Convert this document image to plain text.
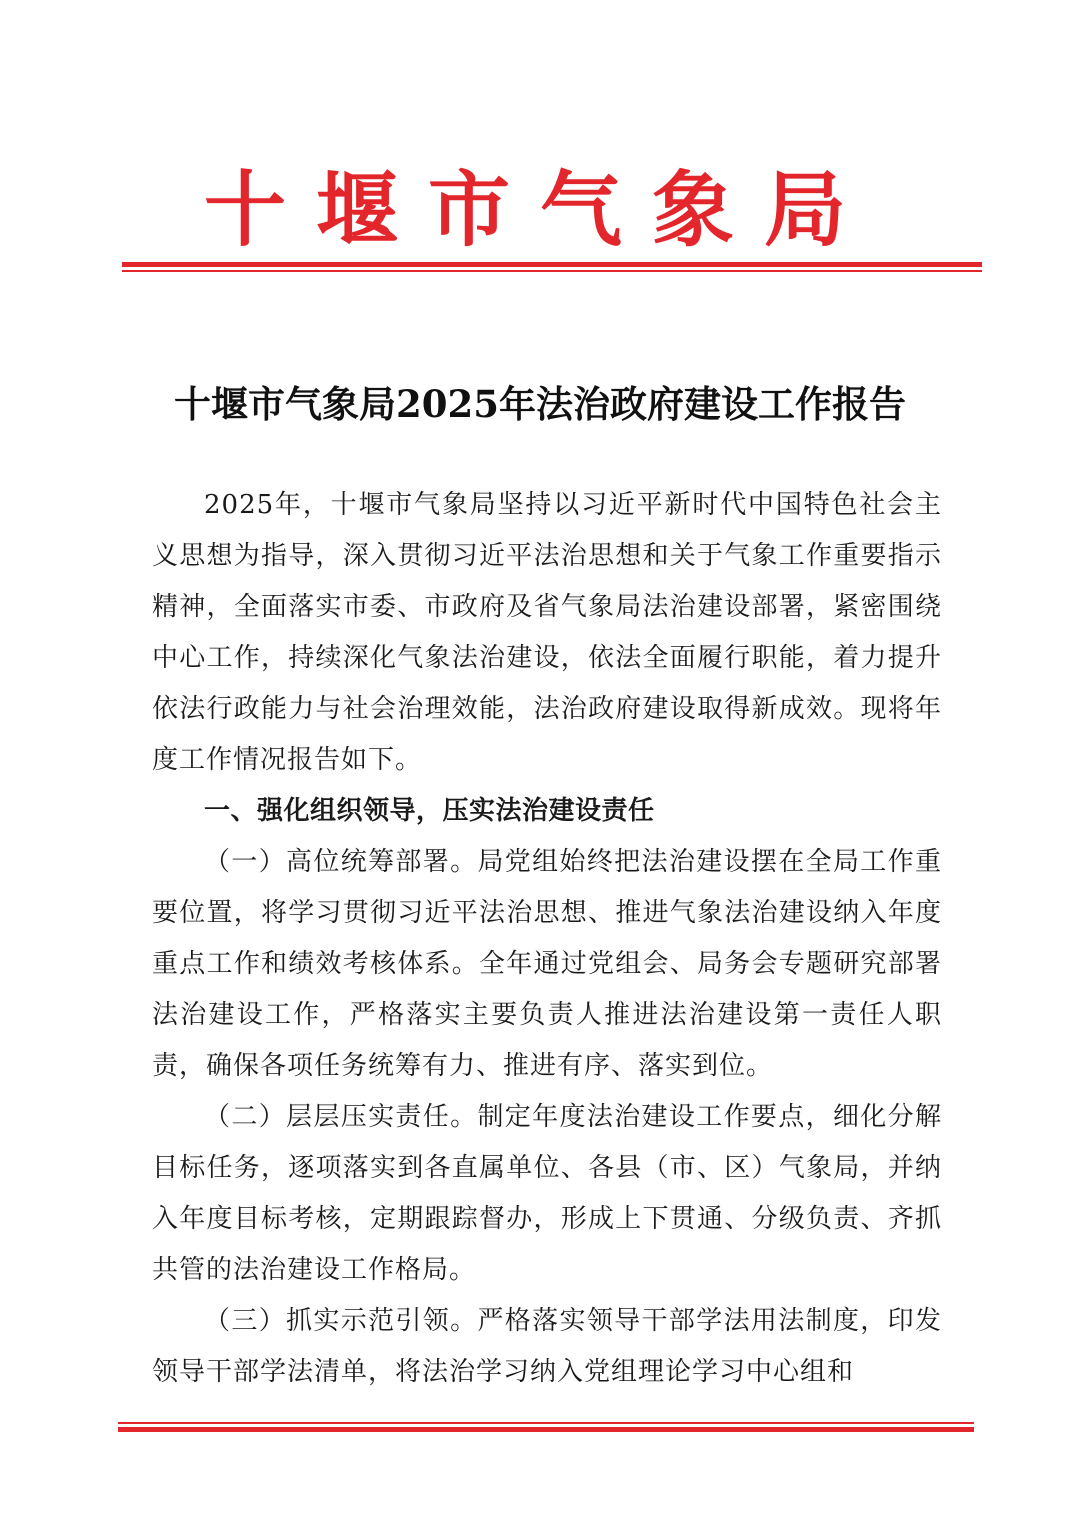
十堰市气象局
十堰市气象局2025年法治政府建设工作报告

2025年，十堰市气象局坚持以习近平新时代中国特色社会主义思想为指导，深入贯彻习近平法治思想和关于气象工作重要指示精神，全面落实市委、市政府及省气象局法治建设部署，紧密围绕中心工作，持续深化气象法治建设，依法全面履行职能，着力提升依法行政能力与社会治理效能，法治政府建设取得新成效。现将年度工作情况报告如下。

一、强化组织领导，压实法治建设责任

（一）高位统筹部署。局党组始终把法治建设摆在全局工作重要位置，将学习贯彻习近平法治思想、推进气象法治建设纳入年度重点工作和绩效考核体系。全年通过党组会、局务会专题研究部署法治建设工作，严格落实主要负责人推进法治建设第一责任人职责，确保各项任务统筹有力、推进有序、落实到位。

（二）层层压实责任。制定年度法治建设工作要点，细化分解目标任务，逐项落实到各直属单位、各县（市、区）气象局，并纳入年度目标考核，定期跟踪督办，形成上下贯通、分级负责、齐抓共管的法治建设工作格局。

（三）抓实示范引领。严格落实领导干部学法用法制度，印发领导干部学法清单，将法治学习纳入党组理论学习中心组和
